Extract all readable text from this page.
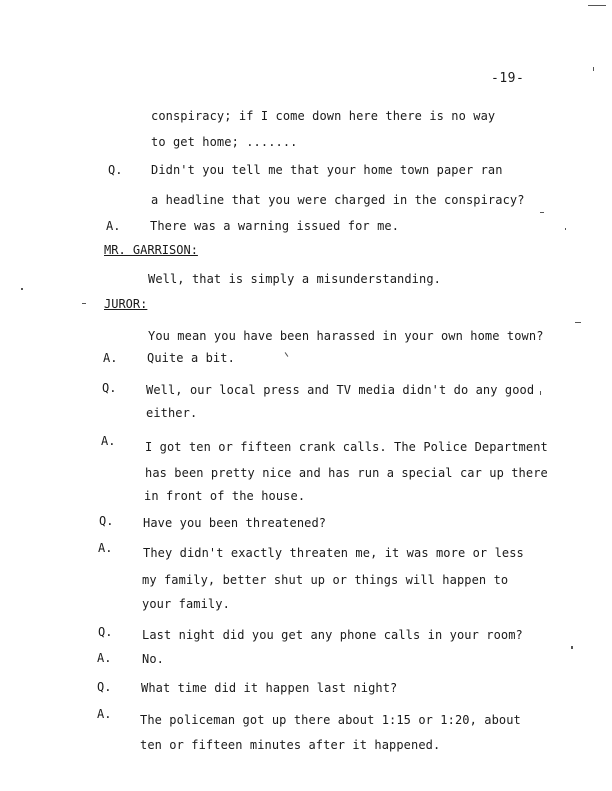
-19-
conspiracy; if I come down here there is no way
to get home; .......
Q. Didn't you tell me that your home town paper ran
a headline that you were charged in the conspiracy?
A. There was a warning issued for me.
MR. GARRISON:
Well, that is simply a misunderstanding.
JUROR:
You mean you have been harassed in your own home town?
A. Quite a bit.
Q. Well, our local press and TV media didn't do any good
either.
A. I got ten or fifteen crank calls. The Police Department
has been pretty nice and has run a special car up there
in front of the house.
Q. Have you been threatened?
A.	They didn't exactly threaten me, it was more or less
my family, better shut up or things will happen to
your family.
Q. Last night did you get any phone calls in your room?
A.	No.
Q. What time did it happen last night?
A. The policeman got up there about 1:15 or 1:20, about
ten or fifteen minutes after it happened.
